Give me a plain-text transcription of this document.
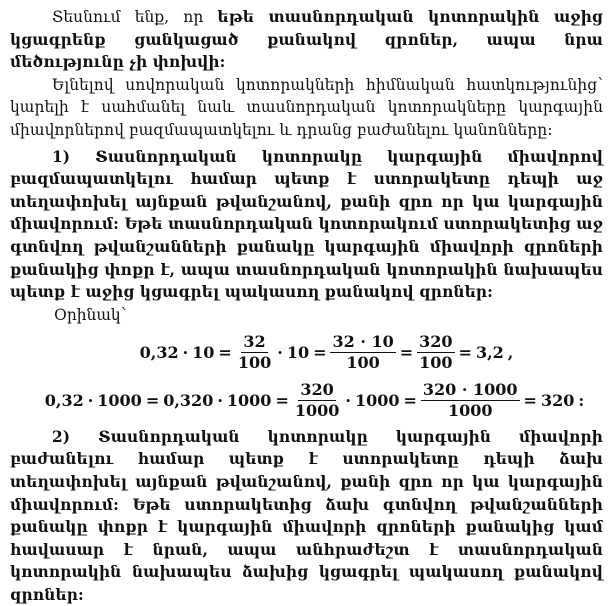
Տեսնում ենք, որ եթե տասնորդական կոտորակին աջից կցագրենք ցանկացած քանակով զրոներ, ապա նրա մեծությունը չի փոխվի:

Ելնելով սովորական կոտորակների հիմնական հատկությունից՝ կարելի է սահմանել նաև տասնորդական կոտորակները կարգային միավորներով բազմապատկելու և դրանց բաժանելու կանոնները:

1) Տասնորդական կոտորակը կարգային միավորով բազմապատկելու համար պետք է ստորակետը դեպի աջ տեղափոխել այնքան թվանշանով, քանի զրո որ կա կարգային միավորում: Եթե տասնորդական կոտորակում ստորակետից աջ գտնվող թվանշանների քանակը կարգային միավորի զրոների քանակից փոքր է, ապա տասնորդական կոտորակին նախապես պետք է աջից կցագրել պակասող քանակով զրոներ:

Օրինակ՝

$0,32 \cdot 10 = \frac{32}{100} \cdot 10 = \frac{32 \cdot 10}{100} = \frac{320}{100} = 3,2$ ,
$0,32 \cdot 1000 = 0,320 \cdot 1000 = \frac{320}{1000} \cdot 1000 = \frac{320 \cdot 1000}{1000} = 320$ :

2) Տասնորդական կոտորակը կարգային միավորի բաժանելու համար պետք է ստորակետը դեպի ձախ տեղափոխել այնքան թվանշանով, քանի զրո որ կա կարգային միավորում: Եթե ստորակետից ձախ գտնվող թվանշանների քանակը փոքր է կարգային միավորի զրոների քանակից կամ հավասար է նրան, ապա անհրաժեշտ է տասնորդական կոտորակին նախապես ձախից կցագրել պակասող քանակով զրոներ:
